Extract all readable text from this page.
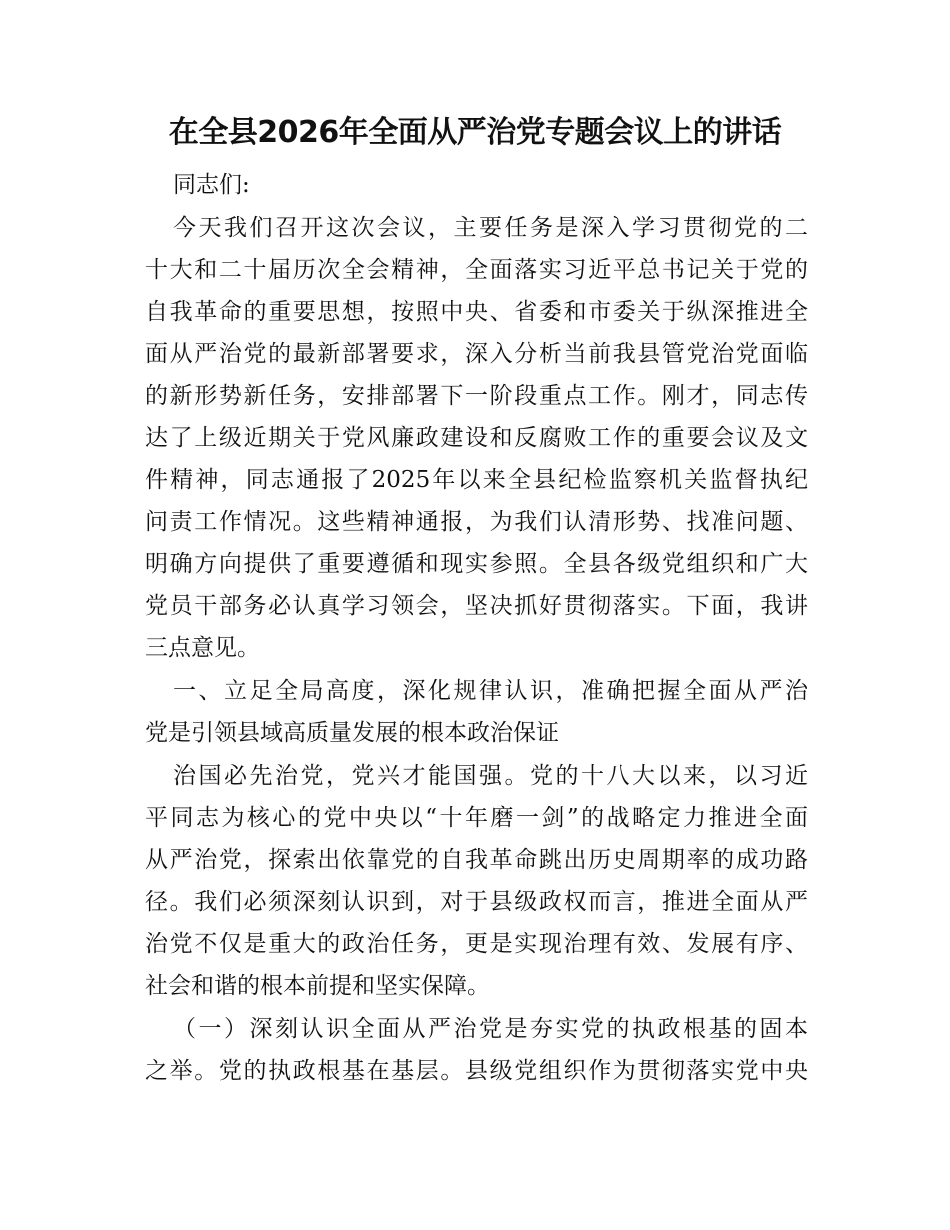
在全县2026年全面从严治党专题会议上的讲话
同志们:
今天我们召开这次会议，主要任务是深入学习贯彻党的二
十大和二十届历次全会精神，全面落实习近平总书记关于党的
自我革命的重要思想，按照中央、省委和市委关于纵深推进全
面从严治党的最新部署要求，深入分析当前我县管党治党面临
的新形势新任务，安排部署下一阶段重点工作。刚才，同志传
达了上级近期关于党风廉政建设和反腐败工作的重要会议及文
件精神，同志通报了2025年以来全县纪检监察机关监督执纪
问责工作情况。这些精神通报，为我们认清形势、找准问题、
明确方向提供了重要遵循和现实参照。全县各级党组织和广大
党员干部务必认真学习领会，坚决抓好贯彻落实。下面，我讲
三点意见。
一、立足全局高度，深化规律认识，准确把握全面从严治
党是引领县域高质量发展的根本政治保证
治国必先治党，党兴才能国强。党的十八大以来，以习近
平同志为核心的党中央以“十年磨一剑”的战略定力推进全面
从严治党，探索出依靠党的自我革命跳出历史周期率的成功路
径。我们必须深刻认识到，对于县级政权而言，推进全面从严
治党不仅是重大的政治任务，更是实现治理有效、发展有序、
社会和谐的根本前提和坚实保障。
（一）深刻认识全面从严治党是夯实党的执政根基的固本
之举。党的执政根基在基层。县级党组织作为贯彻落实党中央
